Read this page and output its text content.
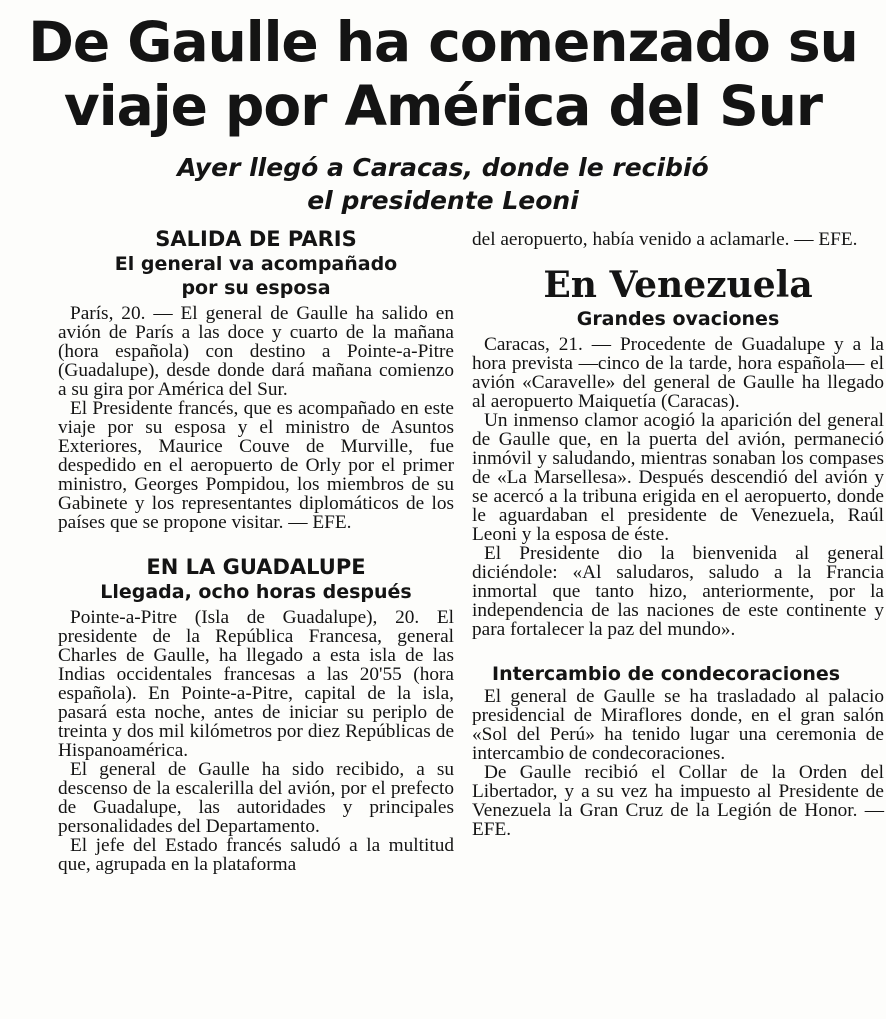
De Gaulle ha comenzado su
viaje por América del Sur
Ayer llegó a Caracas, donde le recibió
el presidente Leoni
SALIDA DE PARIS
El general va acompañado
por su esposa

París, 20. — El general de Gaulle ha salido en avión de París a las doce y cuarto de la mañana (hora española) con destino a Pointe-a-Pitre (Guadalupe), desde donde dará mañana comienzo a su gira por América del Sur.

El Presidente francés, que es acompañado en este viaje por su esposa y el ministro de Asuntos Exteriores, Maurice Couve de Murville, fue despedido en el aeropuerto de Orly por el primer ministro, Georges Pompidou, los miembros de su Gabinete y los representantes diplomáticos de los países que se propone visitar. — EFE.

EN LA GUADALUPE
Llegada, ocho horas después

Pointe-a-Pitre (Isla de Guadalupe), 20. El presidente de la República Francesa, general Charles de Gaulle, ha llegado a esta isla de las Indias occidentales francesas a las 20'55 (hora española). En Pointe-a-Pitre, capital de la isla, pasará esta noche, antes de iniciar su periplo de treinta y dos mil kilómetros por diez Repúblicas de Hispanoamérica.

El general de Gaulle ha sido recibido, a su descenso de la escalerilla del avión, por el prefecto de Guadalupe, las autoridades y principales personalidades del Departamento.

El jefe del Estado francés saludó a la multitud que, agrupada en la plataforma

del aeropuerto, había venido a aclamarle. — EFE.

En Venezuela
Grandes ovaciones

Caracas, 21. — Procedente de Guadalupe y a la hora prevista —cinco de la tarde, hora española— el avión «Caravelle» del general de Gaulle ha llegado al aeropuerto Maiquetía (Caracas).

Un inmenso clamor acogió la aparición del general de Gaulle que, en la puerta del avión, permaneció inmóvil y saludando, mientras sonaban los compases de «La Marsellesa». Después descendió del avión y se acercó a la tribuna erigida en el aeropuerto, donde le aguardaban el presidente de Venezuela, Raúl Leoni y la esposa de éste.

El Presidente dio la bienvenida al general diciéndole: «Al saludaros, saludo a la Francia inmortal que tanto hizo, anteriormente, por la independencia de las naciones de este continente y para fortalecer la paz del mundo».

Intercambio de condecoraciones

El general de Gaulle se ha trasladado al palacio presidencial de Miraflores donde, en el gran salón «Sol del Perú» ha tenido lugar una ceremonia de intercambio de condecoraciones.

De Gaulle recibió el Collar de la Orden del Libertador, y a su vez ha impuesto al Presidente de Venezuela la Gran Cruz de la Legión de Honor. — EFE.
